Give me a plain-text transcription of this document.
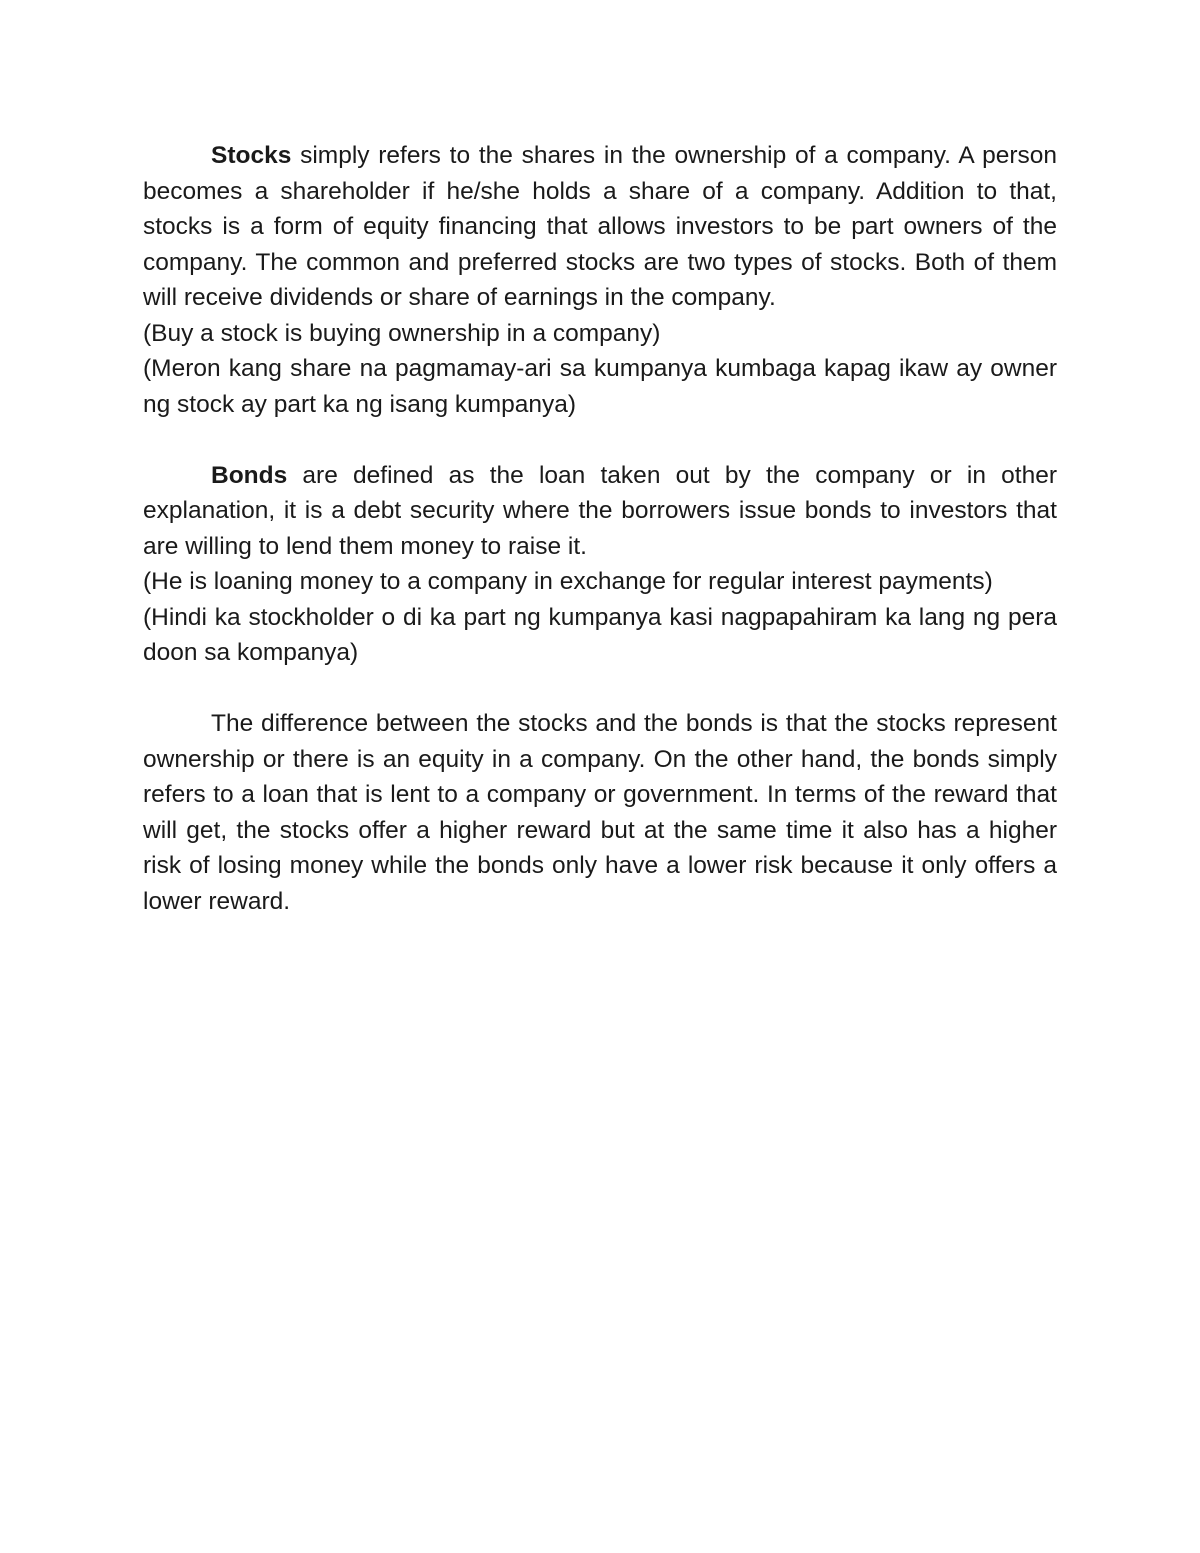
Stocks simply refers to the shares in the ownership of a company. A person becomes a shareholder if he/she holds a share of a company. Addition to that, stocks is a form of equity financing that allows investors to be part owners of the company. The common and preferred stocks are two types of stocks. Both of them will receive dividends or share of earnings in the company.

(Buy a stock is buying ownership in a company)

(Meron kang share na pagmamay-ari sa kumpanya kumbaga kapag ikaw ay owner ng stock ay part ka ng isang kumpanya)

Bonds are defined as the loan taken out by the company or in other explanation, it is a debt security where the borrowers issue bonds to investors that are willing to lend them money to raise it.

(He is loaning money to a company in exchange for regular interest payments)

(Hindi ka stockholder o di ka part ng kumpanya kasi nagpapahiram ka lang ng pera doon sa kompanya)

The difference between the stocks and the bonds is that the stocks represent ownership or there is an equity in a company. On the other hand, the bonds simply refers to a loan that is lent to a company or government. In terms of the reward that will get, the stocks offer a higher reward but at the same time it also has a higher risk of losing money while the bonds only have a lower risk because it only offers a lower reward.
